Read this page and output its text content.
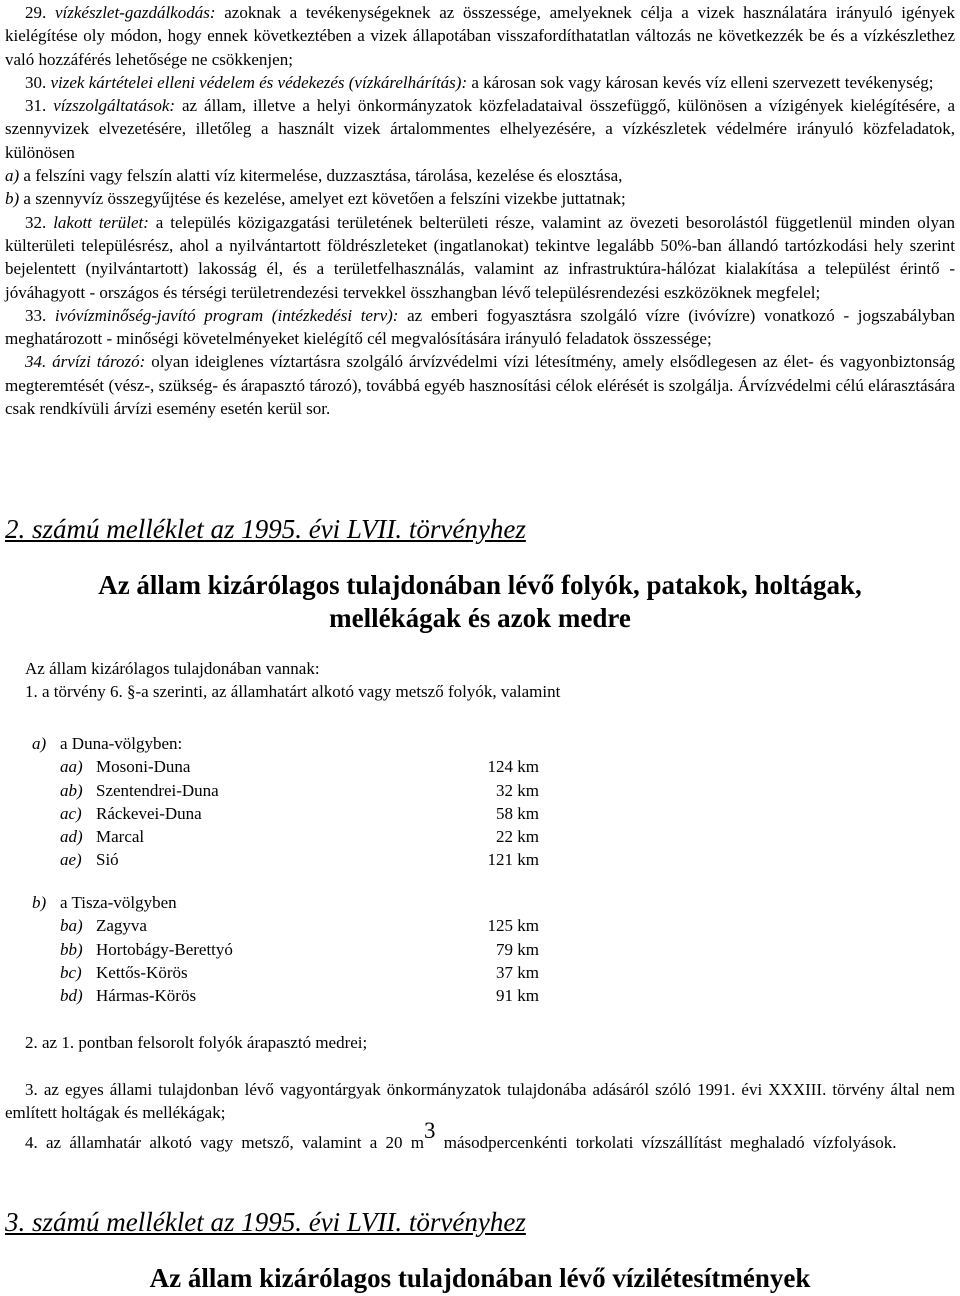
29. vízkészlet-gazdálkodás: azoknak a tevékenységeknek az összessége, amelyeknek célja a vizek használatára irányuló igények kielégítése oly módon, hogy ennek következtében a vizek állapotában visszafordíthatatlan változás ne következzék be és a vízkészlethez való hozzáférés lehetősége ne csökkenjen;

30. vizek kártételei elleni védelem és védekezés (vízkárelhárítás): a károsan sok vagy károsan kevés víz elleni szervezett tevékenység;

31. vízszolgáltatások: az állam, illetve a helyi önkormányzatok közfeladataival összefüggő, különösen a vízigények kielégítésére, a szennyvizek elvezetésére, illetőleg a használt vizek ártalommentes elhelyezésére, a vízkészletek védelmére irányuló közfeladatok, különösen

a) a felszíni vagy felszín alatti víz kitermelése, duzzasztása, tárolása, kezelése és elosztása,

b) a szennyvíz összegyűjtése és kezelése, amelyet ezt követően a felszíni vizekbe juttatnak;

32. lakott terület: a település közigazgatási területének belterületi része, valamint az övezeti besorolástól függetlenül minden olyan külterületi településrész, ahol a nyilvántartott földrészleteket (ingatlanokat) tekintve legalább 50%-ban állandó tartózkodási hely szerint bejelentett (nyilvántartott) lakosság él, és a területfelhasználás, valamint az infrastruktúra-hálózat kialakítása a települést érintő - jóváhagyott - országos és térségi területrendezési tervekkel összhangban lévő településrendezési eszközöknek megfelel;

33. ivóvízminőség-javító program (intézkedési terv): az emberi fogyasztásra szolgáló vízre (ivóvízre) vonatkozó - jogszabályban meghatározott - minőségi követelményeket kielégítő cél megvalósítására irányuló feladatok összessége;

34. árvízi tározó: olyan ideiglenes víztartásra szolgáló árvízvédelmi vízi létesítmény, amely elsődlegesen az élet- és vagyonbiztonság megteremtését (vész-, szükség- és árapasztó tározó), továbbá egyéb hasznosítási célok elérését is szolgálja. Árvízvédelmi célú elárasztására csak rendkívüli árvízi esemény esetén kerül sor.

2. számú melléklet az 1995. évi LVII. törvényhez

Az állam kizárólagos tulajdonában lévő folyók, patakok, holtágak, mellékágak és azok medre

Az állam kizárólagos tulajdonában vannak:

1. a törvény 6. §-a szerinti, az államhatárt alkotó vagy metsző folyók, valamint

a) a Duna-völgyben:
aa) Mosoni-Duna	124 km
ab) Szentendrei-Duna	32 km
ac) Ráckevei-Duna	58 km
ad) Marcal	22 km
ae) Sió	121 km
b) a Tisza-völgyben
ba) Zagyva	125 km
bb) Hortobágy-Berettyó	79 km
bc) Kettős-Körös	37 km
bd) Hármas-Körös	91 km

2. az 1. pontban felsorolt folyók árapasztó medrei;

3. az egyes állami tulajdonban lévő vagyontárgyak önkormányzatok tulajdonába adásáról szóló 1991. évi XXXIII. törvény által nem említett holtágak és mellékágak;

4. az államhatár alkotó vagy metsző, valamint a 20 $m^3$ másodpercenkénti torkolati vízszállítást meghaladó vízfolyások.

3. számú melléklet az 1995. évi LVII. törvényhez

Az állam kizárólagos tulajdonában lévő vízilétesítmények
